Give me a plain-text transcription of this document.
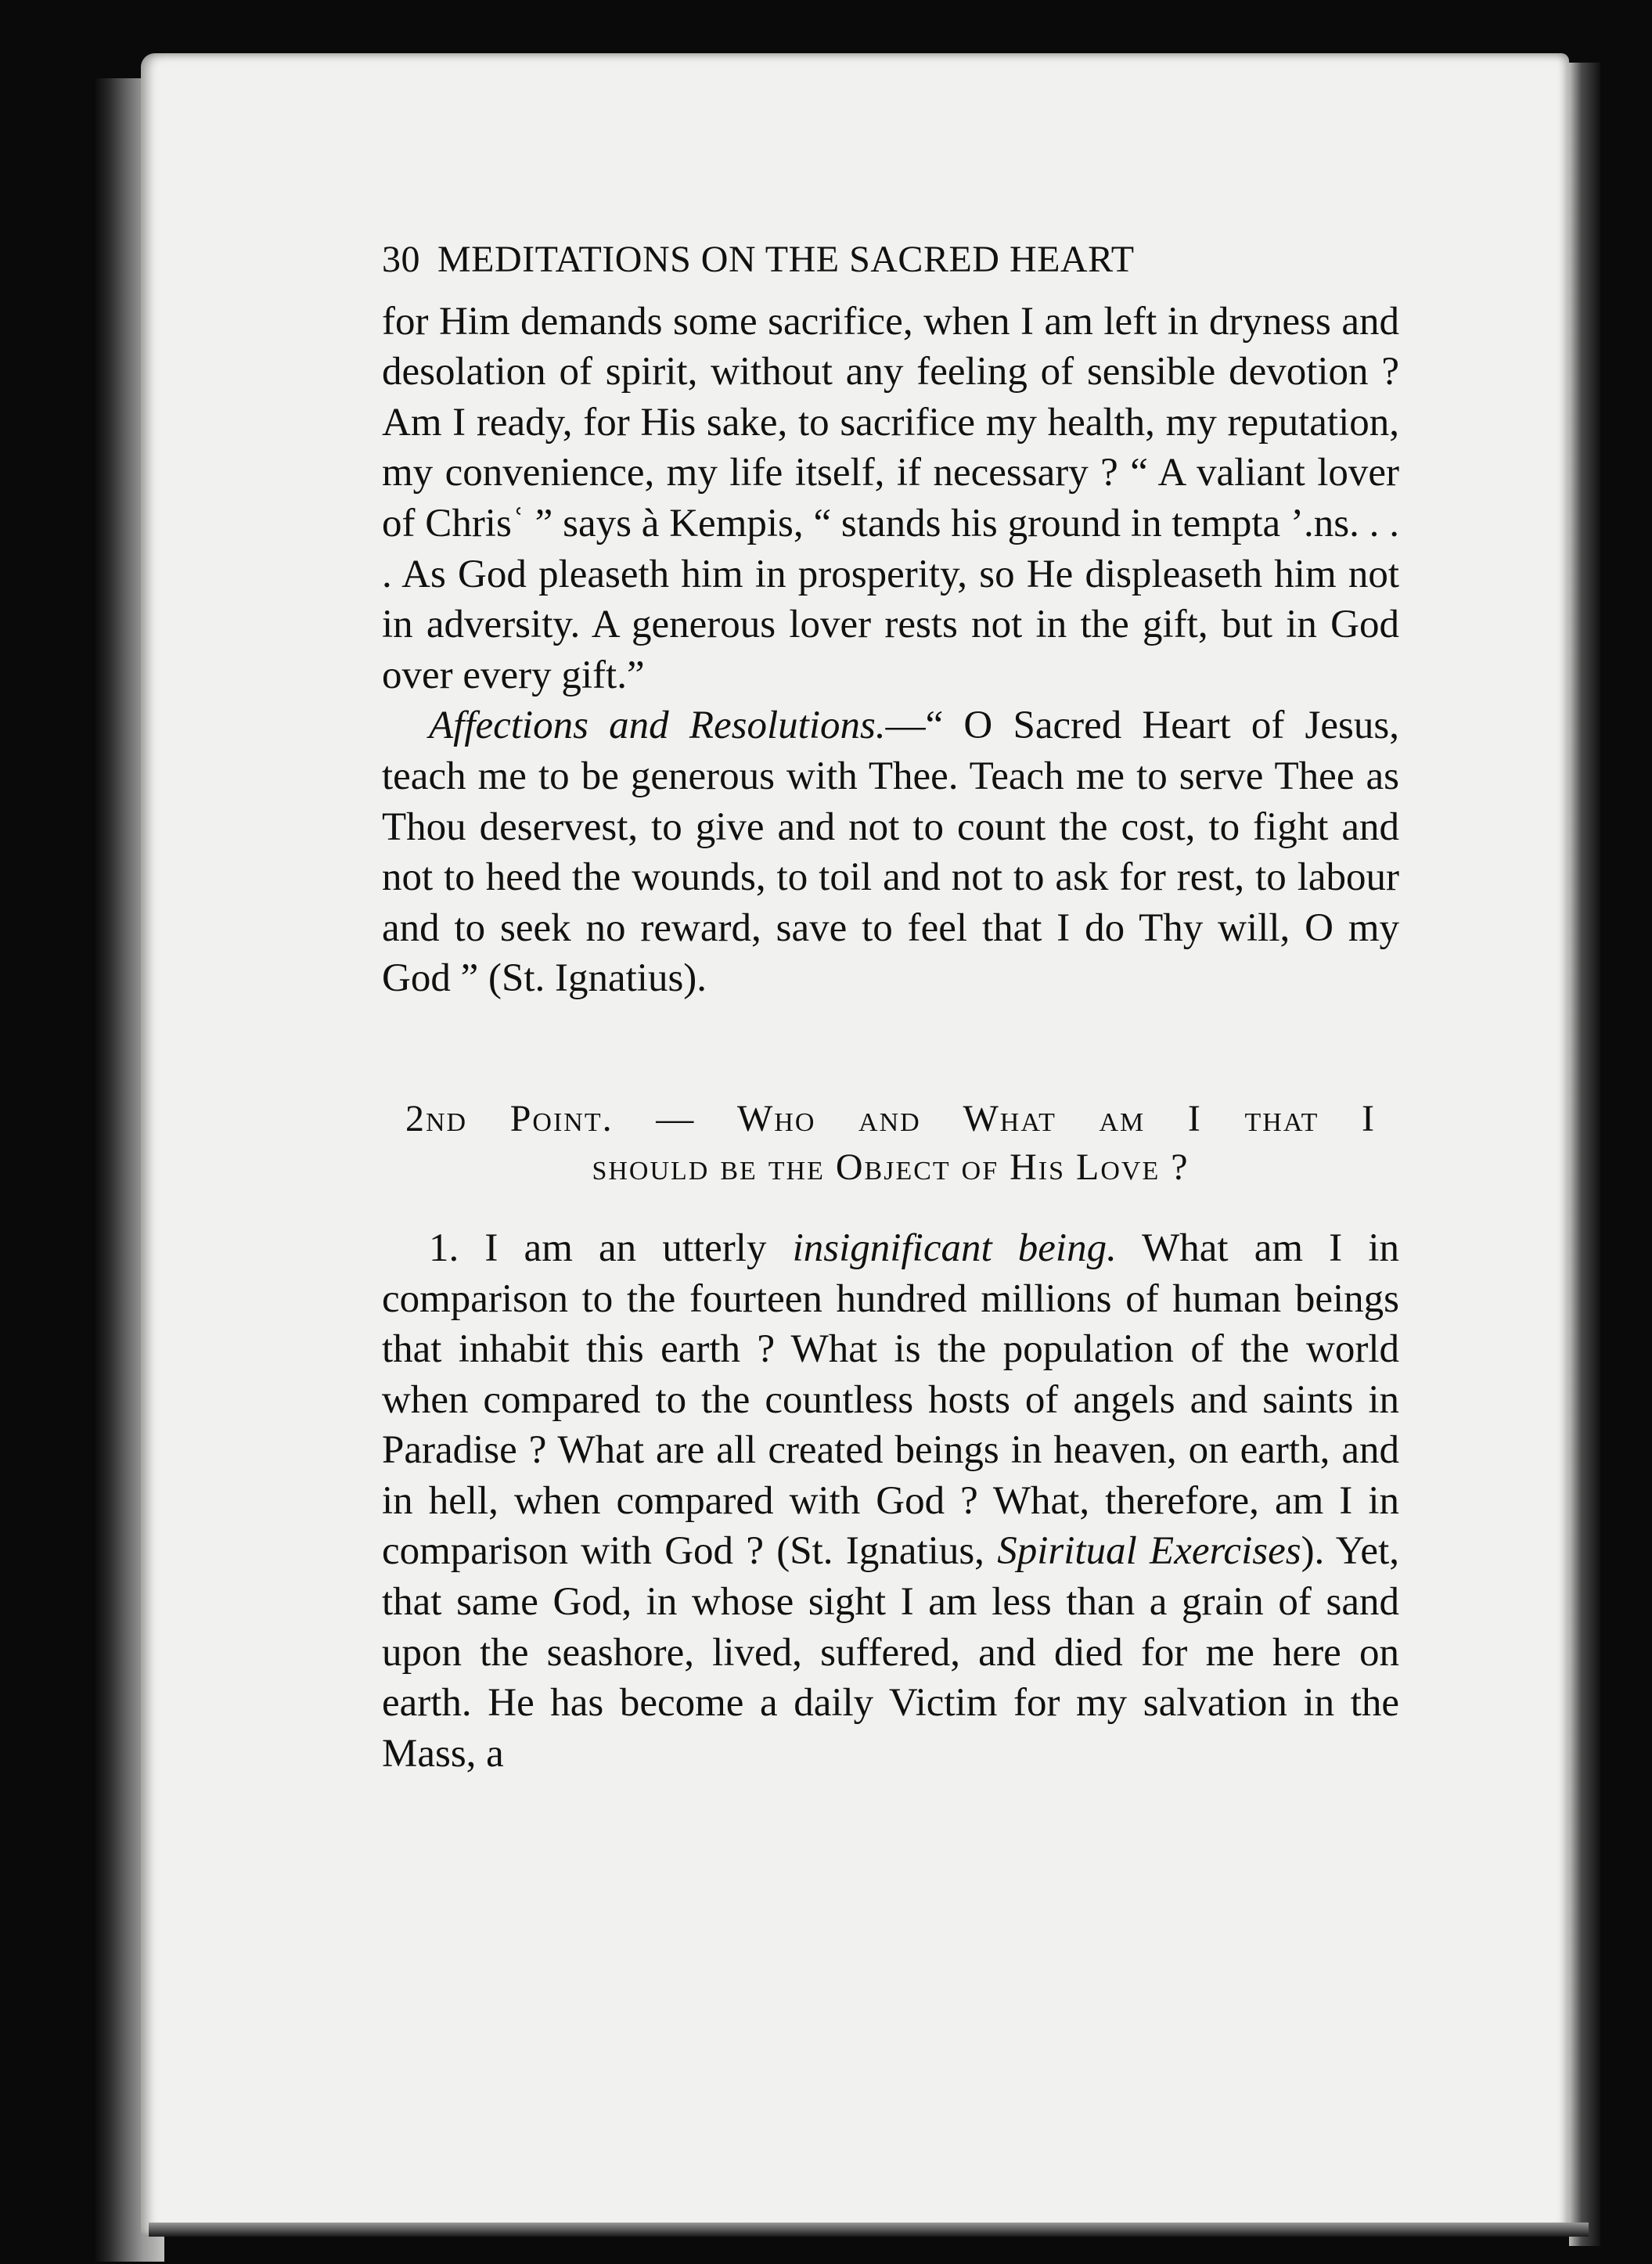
30 MEDITATIONS ON THE SACRED HEART

for Him demands some sacrifice, when I am left in dryness and desolation of spirit, without any feeling of sensible devotion ? Am I ready, for His sake, to sacrifice my health, my reputation, my convenience, my life itself, if necessary ? “ A valiant lover of Chrisʿ ” says à Kempis, “ stands his ground in tempta ’.ns. . . . As God pleaseth him in prosperity, so He displeaseth him not in adversity. A generous lover rests not in the gift, but in God over every gift.”

Affections and Resolutions.—“ O Sacred Heart of Jesus, teach me to be generous with Thee. Teach me to serve Thee as Thou deservest, to give and not to count the cost, to fight and not to heed the wounds, to toil and not to ask for rest, to labour and to seek no reward, save to feel that I do Thy will, O my God ” (St. Ignatius).

2nd Point. — Who and What am I that I
should be the Object of His Love ?

1. I am an utterly insignificant being. What am I in comparison to the fourteen hundred millions of human beings that inhabit this earth ? What is the population of the world when compared to the countless hosts of angels and saints in Paradise ? What are all created beings in heaven, on earth, and in hell, when compared with God ? What, therefore, am I in comparison with God ? (St. Ignatius, Spiritual Exercises). Yet, that same God, in whose sight I am less than a grain of sand upon the seashore, lived, suffered, and died for me here on earth. He has become a daily Victim for my salvation in the Mass, a
